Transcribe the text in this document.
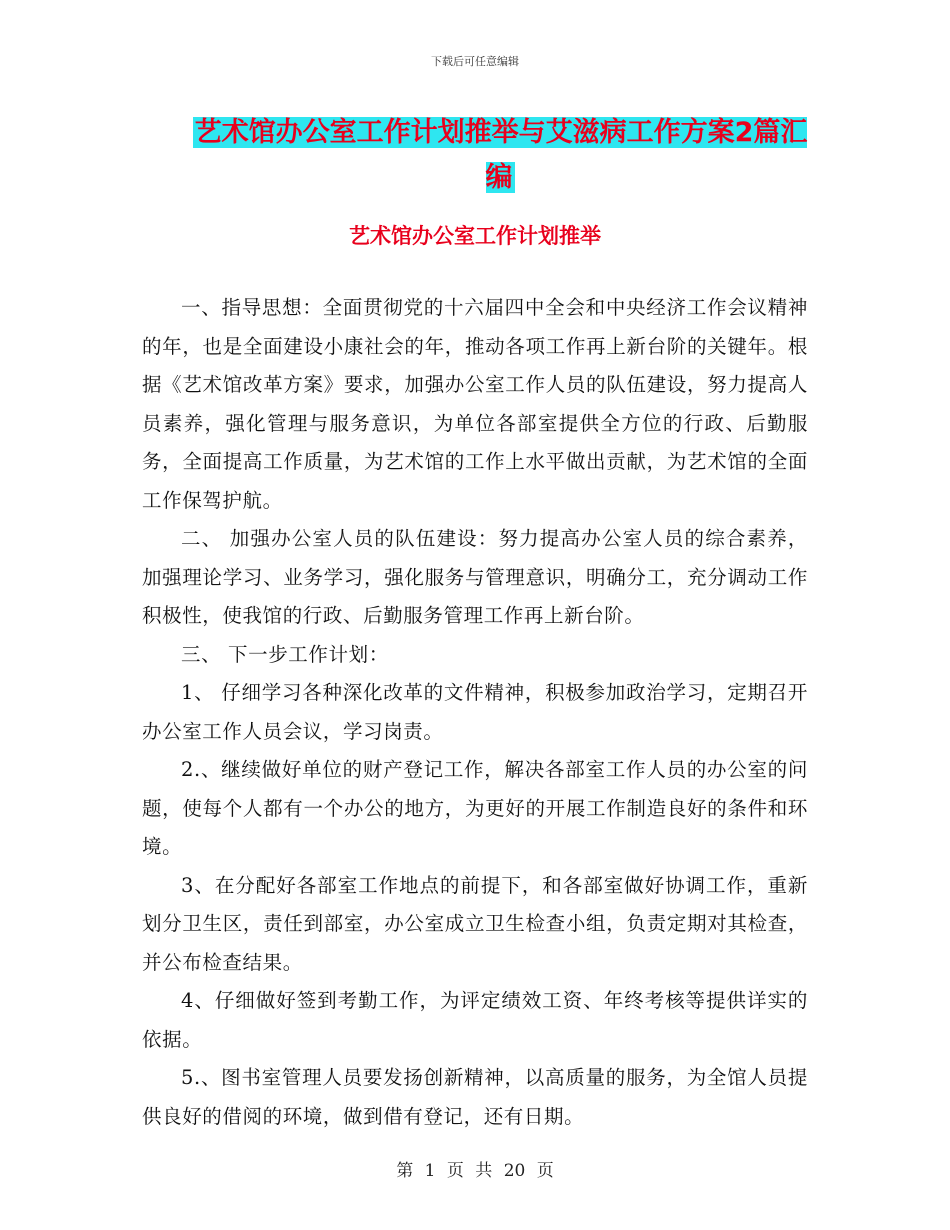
下载后可任意编辑
艺术馆办公室工作计划推举与艾滋病工作方案2篇汇编
艺术馆办公室工作计划推举

一、指导思想：全面贯彻党的十六届四中全会和中央经济工作会议精神的年，也是全面建设小康社会的年，推动各项工作再上新台阶的关键年。根据《艺术馆改革方案》要求，加强办公室工作人员的队伍建设，努力提高人员素养，强化管理与服务意识，为单位各部室提供全方位的行政、后勤服务，全面提高工作质量，为艺术馆的工作上水平做出贡献，为艺术馆的全面工作保驾护航。

二、 加强办公室人员的队伍建设：努力提高办公室人员的综合素养，加强理论学习、业务学习，强化服务与管理意识，明确分工，充分调动工作积极性，使我馆的行政、后勤服务管理工作再上新台阶。

三、 下一步工作计划：

1、 仔细学习各种深化改革的文件精神，积极参加政治学习，定期召开办公室工作人员会议，学习岗责。

2.、继续做好单位的财产登记工作，解决各部室工作人员的办公室的问题，使每个人都有一个办公的地方，为更好的开展工作制造良好的条件和环境。

3、在分配好各部室工作地点的前提下，和各部室做好协调工作，重新划分卫生区，责任到部室，办公室成立卫生检查小组，负责定期对其检查，并公布检查结果。

4、仔细做好签到考勤工作，为评定绩效工资、年终考核等提供详实的依据。

5.、图书室管理人员要发扬创新精神，以高质量的服务，为全馆人员提供良好的借阅的环境，做到借有登记，还有日期。

第 1 页 共 20 页
